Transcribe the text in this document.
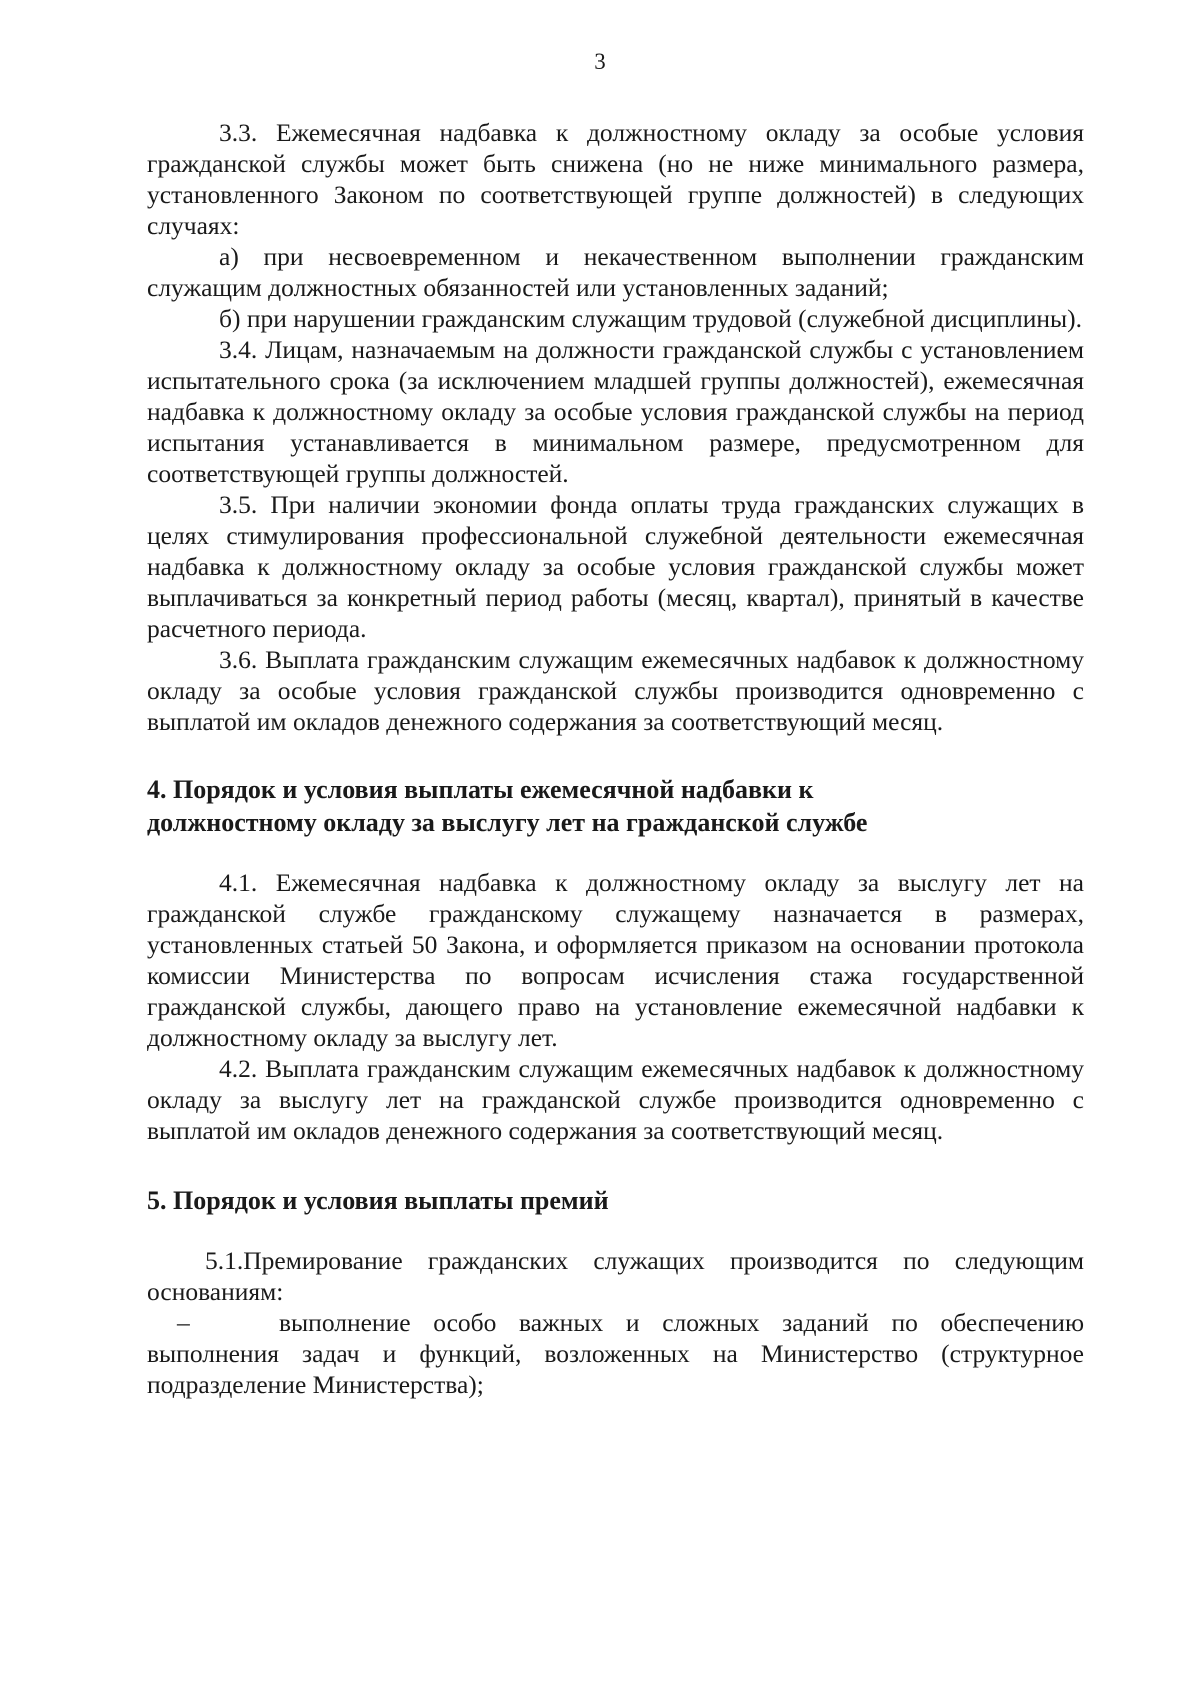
3

3.3. Ежемесячная надбавка к должностному окладу за особые условия гражданской службы может быть снижена (но не ниже минимального размера, установленного Законом по соответствующей группе должностей) в следующих случаях:

а) при несвоевременном и некачественном выполнении гражданским служащим должностных обязанностей или установленных заданий;

б) при нарушении гражданским служащим трудовой (служебной дисциплины).

3.4. Лицам, назначаемым на должности гражданской службы с установлением испытательного срока (за исключением младшей группы должностей), ежемесячная надбавка к должностному окладу за особые условия гражданской службы на период испытания устанавливается в минимальном размере, предусмотренном для соответствующей группы должностей.

3.5. При наличии экономии фонда оплаты труда гражданских служащих в целях стимулирования профессиональной служебной деятельности ежемесячная надбавка к должностному окладу за особые условия гражданской службы может выплачиваться за конкретный период работы (месяц, квартал), принятый в качестве расчетного периода.

3.6. Выплата гражданским служащим ежемесячных надбавок к должностному окладу за особые условия гражданской службы производится одновременно с выплатой им окладов денежного содержания за соответствующий месяц.

4. Порядок и условия выплаты ежемесячной надбавки к
должностному окладу за выслугу лет на гражданской службе

4.1. Ежемесячная надбавка к должностному окладу за выслугу лет на гражданской службе гражданскому служащему назначается в размерах, установленных статьей 50 Закона, и оформляется приказом на основании протокола комиссии Министерства по вопросам исчисления стажа государственной гражданской службы, дающего право на установление ежемесячной надбавки к должностному окладу за выслугу лет.

4.2. Выплата гражданским служащим ежемесячных надбавок к должностному окладу за выслугу лет на гражданской службе производится одновременно с выплатой им окладов денежного содержания за соответствующий месяц.

5. Порядок и условия выплаты премий

5.1.Премирование гражданских служащих производится по следующим основаниям:

–	выполнение особо важных и сложных заданий по обеспечению выполнения задач и функций, возложенных на Министерство (структурное подразделение Министерства);
